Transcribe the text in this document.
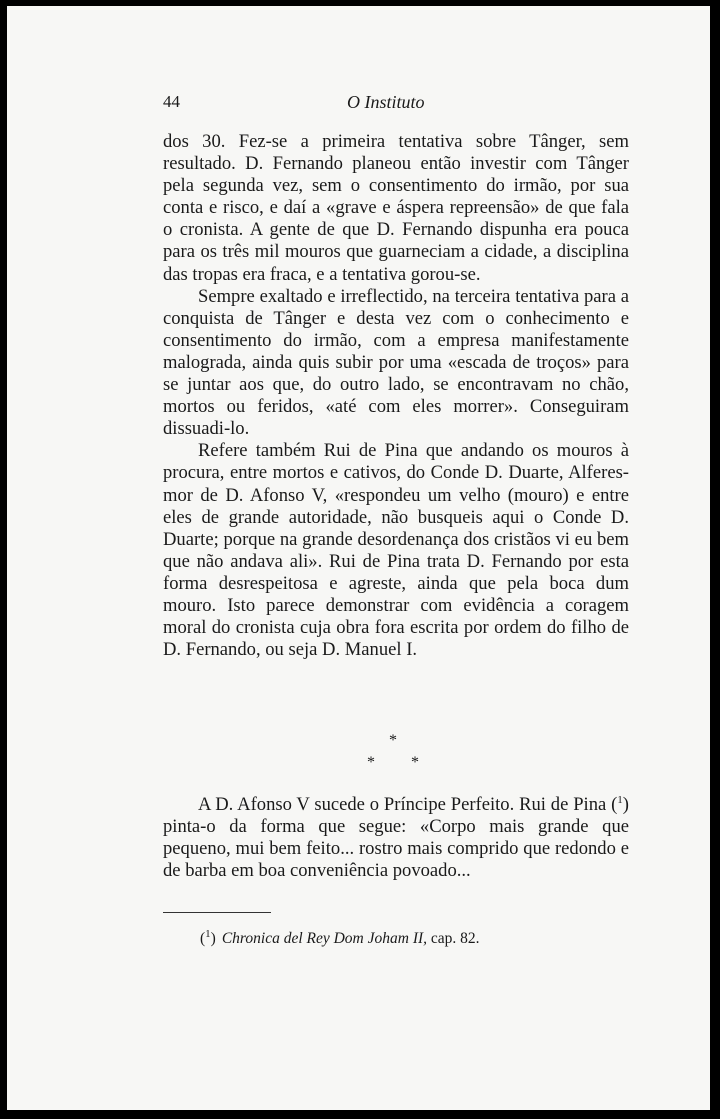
44	O Instituto

dos 30. Fez-se a primeira tentativa sobre Tânger, sem resultado. D. Fernando planeou então investir com Tânger pela segunda vez, sem o consentimento do irmão, por sua conta e risco, e daí a «grave e áspera repreensão» de que fala o cronista. A gente de que D. Fernando dispunha era pouca para os três mil mouros que guarneciam a cidade, a disciplina das tropas era fraca, e a tentativa gorou-se.

Sempre exaltado e irreflectido, na terceira tentativa para a conquista de Tânger e desta vez com o conhecimento e consentimento do irmão, com a empresa manifestamente malograda, ainda quis subir por uma «escada de troços» para se juntar aos que, do outro lado, se encontravam no chão, mortos ou feridos, «até com eles morrer». Conseguiram dissuadi-lo.

Refere também Rui de Pina que andando os mouros à procura, entre mortos e cativos, do Conde D. Duarte, Alferes-mor de D. Afonso V, «respondeu um velho (mouro) e entre eles de grande autoridade, não busqueis aqui o Conde D. Duarte; porque na grande desordenança dos cristãos vi eu bem que não andava ali». Rui de Pina trata D. Fernando por esta forma desrespeitosa e agreste, ainda que pela boca dum mouro. Isto parece demonstrar com evidência a coragem moral do cronista cuja obra fora escrita por ordem do filho de D. Fernando, ou seja D. Manuel I.

*
* *

A D. Afonso V sucede o Príncipe Perfeito. Rui de Pina ($^1$) pinta-o da forma que segue: «Corpo mais grande que pequeno, mui bem feito... rostro mais comprido que redondo e de barba em boa conveniência povoado...

($^1$) Chronica del Rey Dom Joham II, cap. 82.
